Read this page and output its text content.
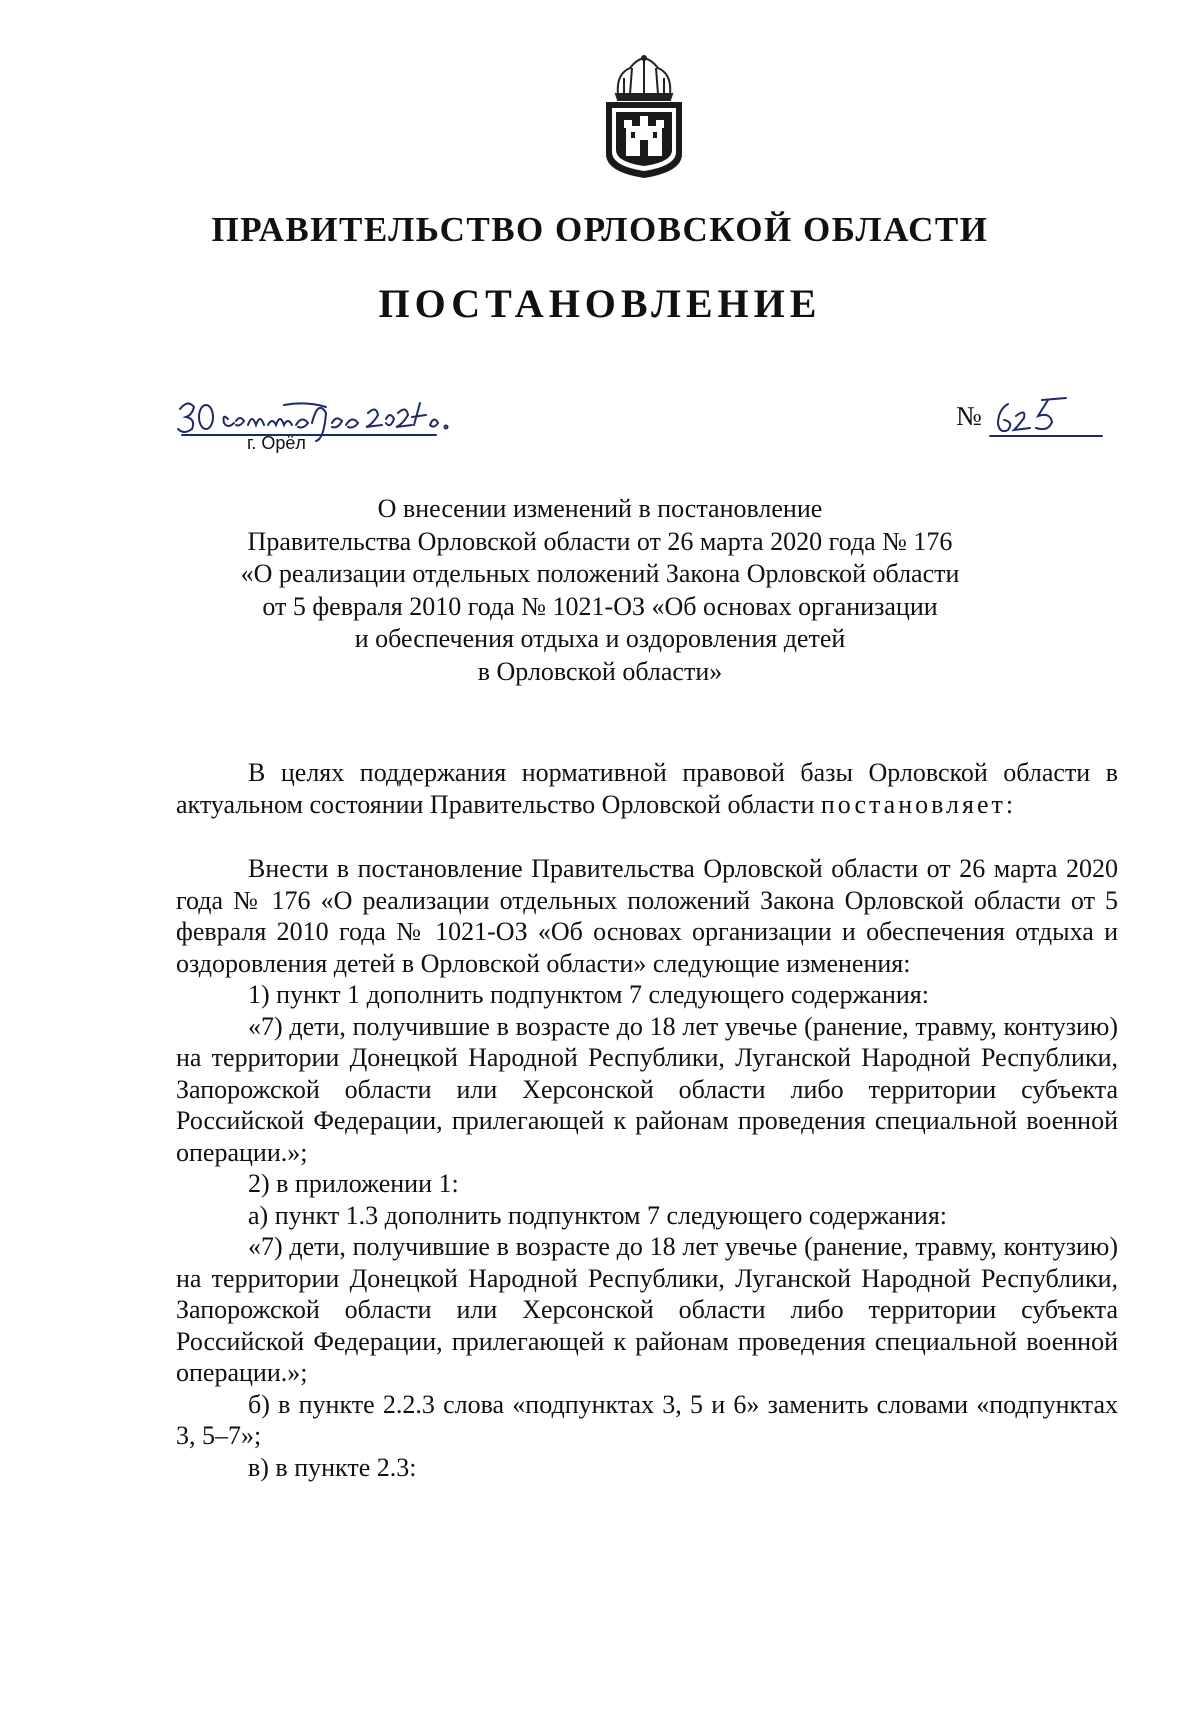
ПРАВИТЕЛЬСТВО ОРЛОВСКОЙ ОБЛАСТИ
ПОСТАНОВЛЕНИЕ
г. Орёл
№
О внесении изменений в постановление
Правительства Орловской области от 26 марта 2020 года № 176
«О реализации отдельных положений Закона Орловской области
от 5 февраля 2010 года № 1021-ОЗ «Об основах организации
и обеспечения отдыха и оздоровления детей
в Орловской области»
В целях поддержания нормативной правовой базы Орловской области в актуальном состоянии Правительство Орловской области постановляет:
Внести в постановление Правительства Орловской области от 26 марта 2020 года № 176 «О реализации отдельных положений Закона Орловской области от 5 февраля 2010 года № 1021-ОЗ «Об основах организации и обеспечения отдыха и оздоровления детей в Орловской области» следующие изменения:
1) пункт 1 дополнить подпунктом 7 следующего содержания:
«7) дети, получившие в возрасте до 18 лет увечье (ранение, травму, контузию) на территории Донецкой Народной Республики, Луганской Народной Республики, Запорожской области или Херсонской области либо территории субъекта Российской Федерации, прилегающей к районам проведения специальной военной операции.»;
2) в приложении 1:
а) пункт 1.3 дополнить подпунктом 7 следующего содержания:
«7) дети, получившие в возрасте до 18 лет увечье (ранение, травму, контузию) на территории Донецкой Народной Республики, Луганской Народной Республики, Запорожской области или Херсонской области либо территории субъекта Российской Федерации, прилегающей к районам проведения специальной военной операции.»;
б) в пункте 2.2.3 слова «подпунктах 3, 5 и 6» заменить словами «подпунктах 3, 5–7»;
в) в пункте 2.3:
